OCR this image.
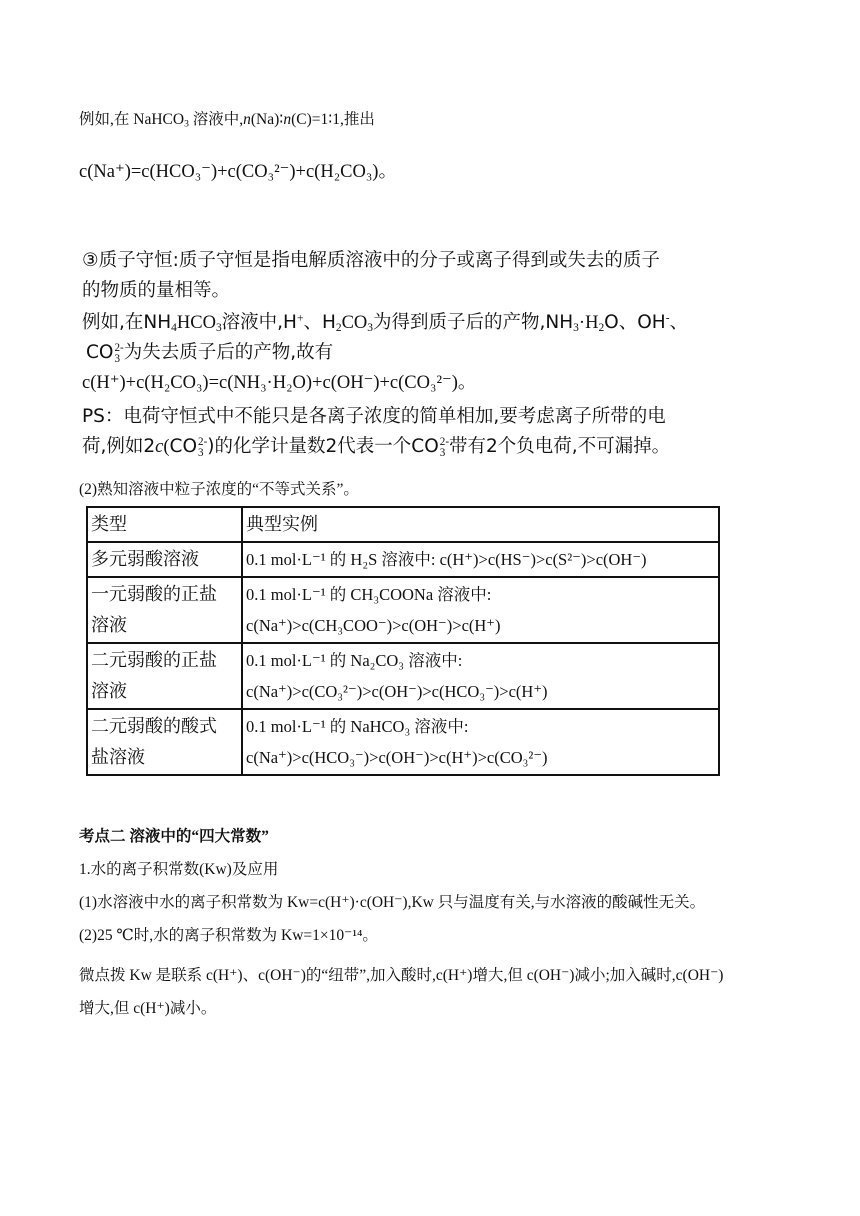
例如,在 NaHCO$_3$ 溶液中,n(Na)∶n(C)=1∶1,推出
c(Na⁺)=c(HCO₃⁻)+c(CO₃²⁻)+c(H₂CO₃)。
③质子守恒:质子守恒是指电解质溶液中的分子或离子得到或失去的质子
的物质的量相等。
例如,在$NH_4HCO_3$溶液中,H+、$H_2CO_3$为得到质子后的产物$,NH_3\cdot H_2O$、OH-、
CO 2-
3 为失去质子后的产物,故有
c(H⁺)+c(H₂CO₃)=c(NH₃·H₂O)+c(OH⁻)+c(CO₃²⁻)。
PS：电荷守恒式中不能只是各离子浓度的简单相加,要考虑离子所带的电
荷,例如2c(CO 2-
3 )的化学计量数2代表一个CO 2-
3 带有2个负电荷,不可漏掉。
(2)熟知溶液中粒子浓度的“不等式关系”。
类型	典型实例
多元弱酸溶液	0.1 mol·L⁻¹ 的 H₂S 溶液中: c(H⁺)>c(HS⁻)>c(S²⁻)>c(OH⁻)
一元弱酸的正盐
溶液	0.1 mol·L⁻¹ 的 CH₃COONa 溶液中:
c(Na⁺)>c(CH₃COO⁻)>c(OH⁻)>c(H⁺)
二元弱酸的正盐
溶液	0.1 mol·L⁻¹ 的 Na₂CO₃ 溶液中:
c(Na⁺)>c(CO₃²⁻)>c(OH⁻)>c(HCO₃⁻)>c(H⁺)
二元弱酸的酸式
盐溶液	0.1 mol·L⁻¹ 的 NaHCO₃ 溶液中:
c(Na⁺)>c(HCO₃⁻)>c(OH⁻)>c(H⁺)>c(CO₃²⁻)
考点二 溶液中的“四大常数”
1.水的离子积常数(Kw)及应用
(1)水溶液中水的离子积常数为 Kw=c(H⁺)·c(OH⁻),Kw 只与温度有关,与水溶液的酸碱性无关。
(2)25 ℃时,水的离子积常数为 Kw=1×10⁻¹⁴。
微点拨 Kw 是联系 c(H⁺)、c(OH⁻)的“纽带”,加入酸时,c(H⁺)增大,但 c(OH⁻)减小;加入碱时,c(OH⁻)
增大,但 c(H⁺)减小。
